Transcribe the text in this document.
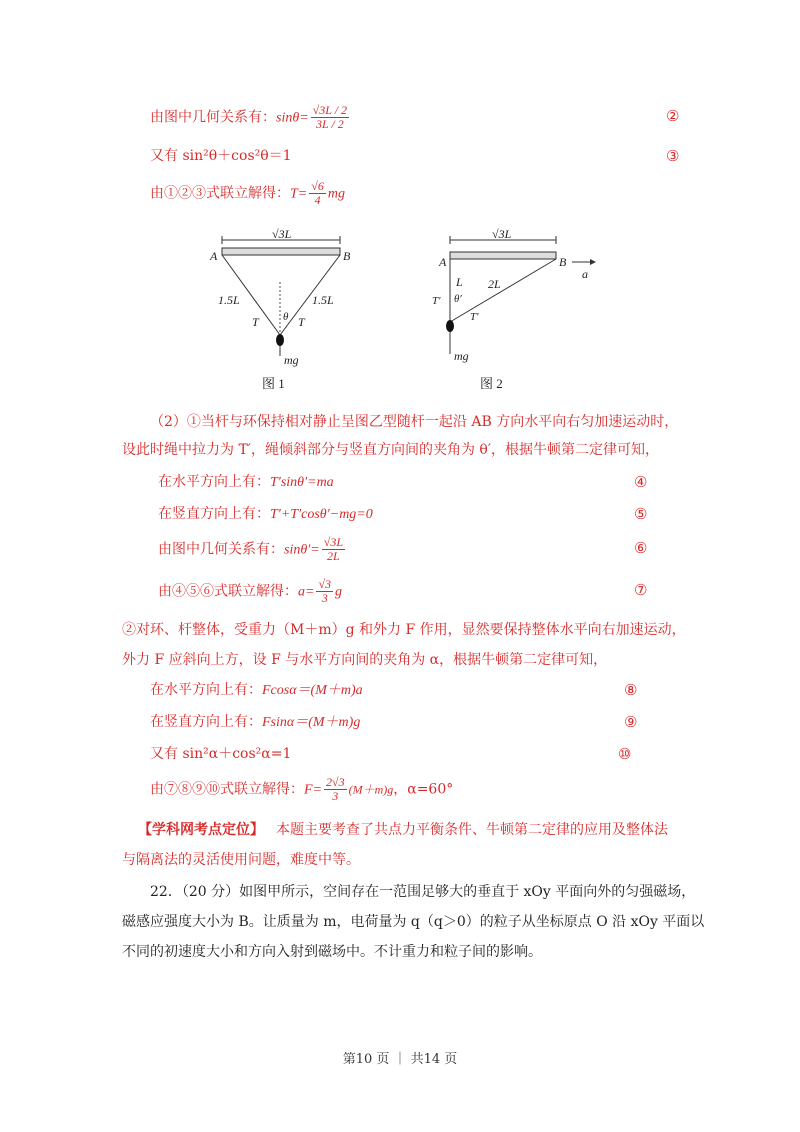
由图中几何关系有：$\sin\theta= \frac{√3L / 2}{3L / 2}$	②
又有 sin²θ＋cos²θ＝1	③
由①②③式联立解得：$T= \frac{√6}{4}$ mg
√3L
A	B
1.5L	1.5L
T	T
θ
mg
图 1
√3L
A	B
a
L 2L
T′ θ′
T′
mg
图 2
（2）①当杆与环保持相对静止呈图乙型随杆一起沿 AB 方向水平向右匀加速运动时，
设此时绳中拉力为 T′，绳倾斜部分与竖直方向间的夹角为 θ′，根据牛顿第二定律可知，
在水平方向上有：T′sinθ′=ma	④
在竖直方向上有：T′+T′cosθ′−mg=0	⑤
由图中几何关系有：$\sin\theta'= \frac{√3L}{2L}$	⑥
由④⑤⑥式联立解得：$a= \frac{√3}{3}$ g	⑦
②对环、杆整体，受重力（M＋m）g 和外力 F 作用，显然要保持整体水平向右加速运动，
外力 F 应斜向上方，设 F 与水平方向间的夹角为 α，根据牛顿第二定律可知，
在水平方向上有：Fcosα＝(M＋m)a	⑧
在竖直方向上有：Fsinα＝(M＋m)g	⑨
又有 sin²α＋cos²α=1	⑩
由⑦⑧⑨⑩式联立解得：$F= \frac{2√3}{3} (M+m)g$，α=60°
【学科网考点定位】 本题主要考查了共点力平衡条件、牛顿第二定律的应用及整体法
与隔离法的灵活使用问题，难度中等。
22．（20 分）如图甲所示，空间存在一范围足够大的垂直于 xOy 平面向外的匀强磁场，
磁感应强度大小为 B。让质量为 m，电荷量为 q（q＞0）的粒子从坐标原点 O 沿 xOy 平面以
不同的初速度大小和方向入射到磁场中。不计重力和粒子间的影响。
第10 页 ｜ 共14 页
